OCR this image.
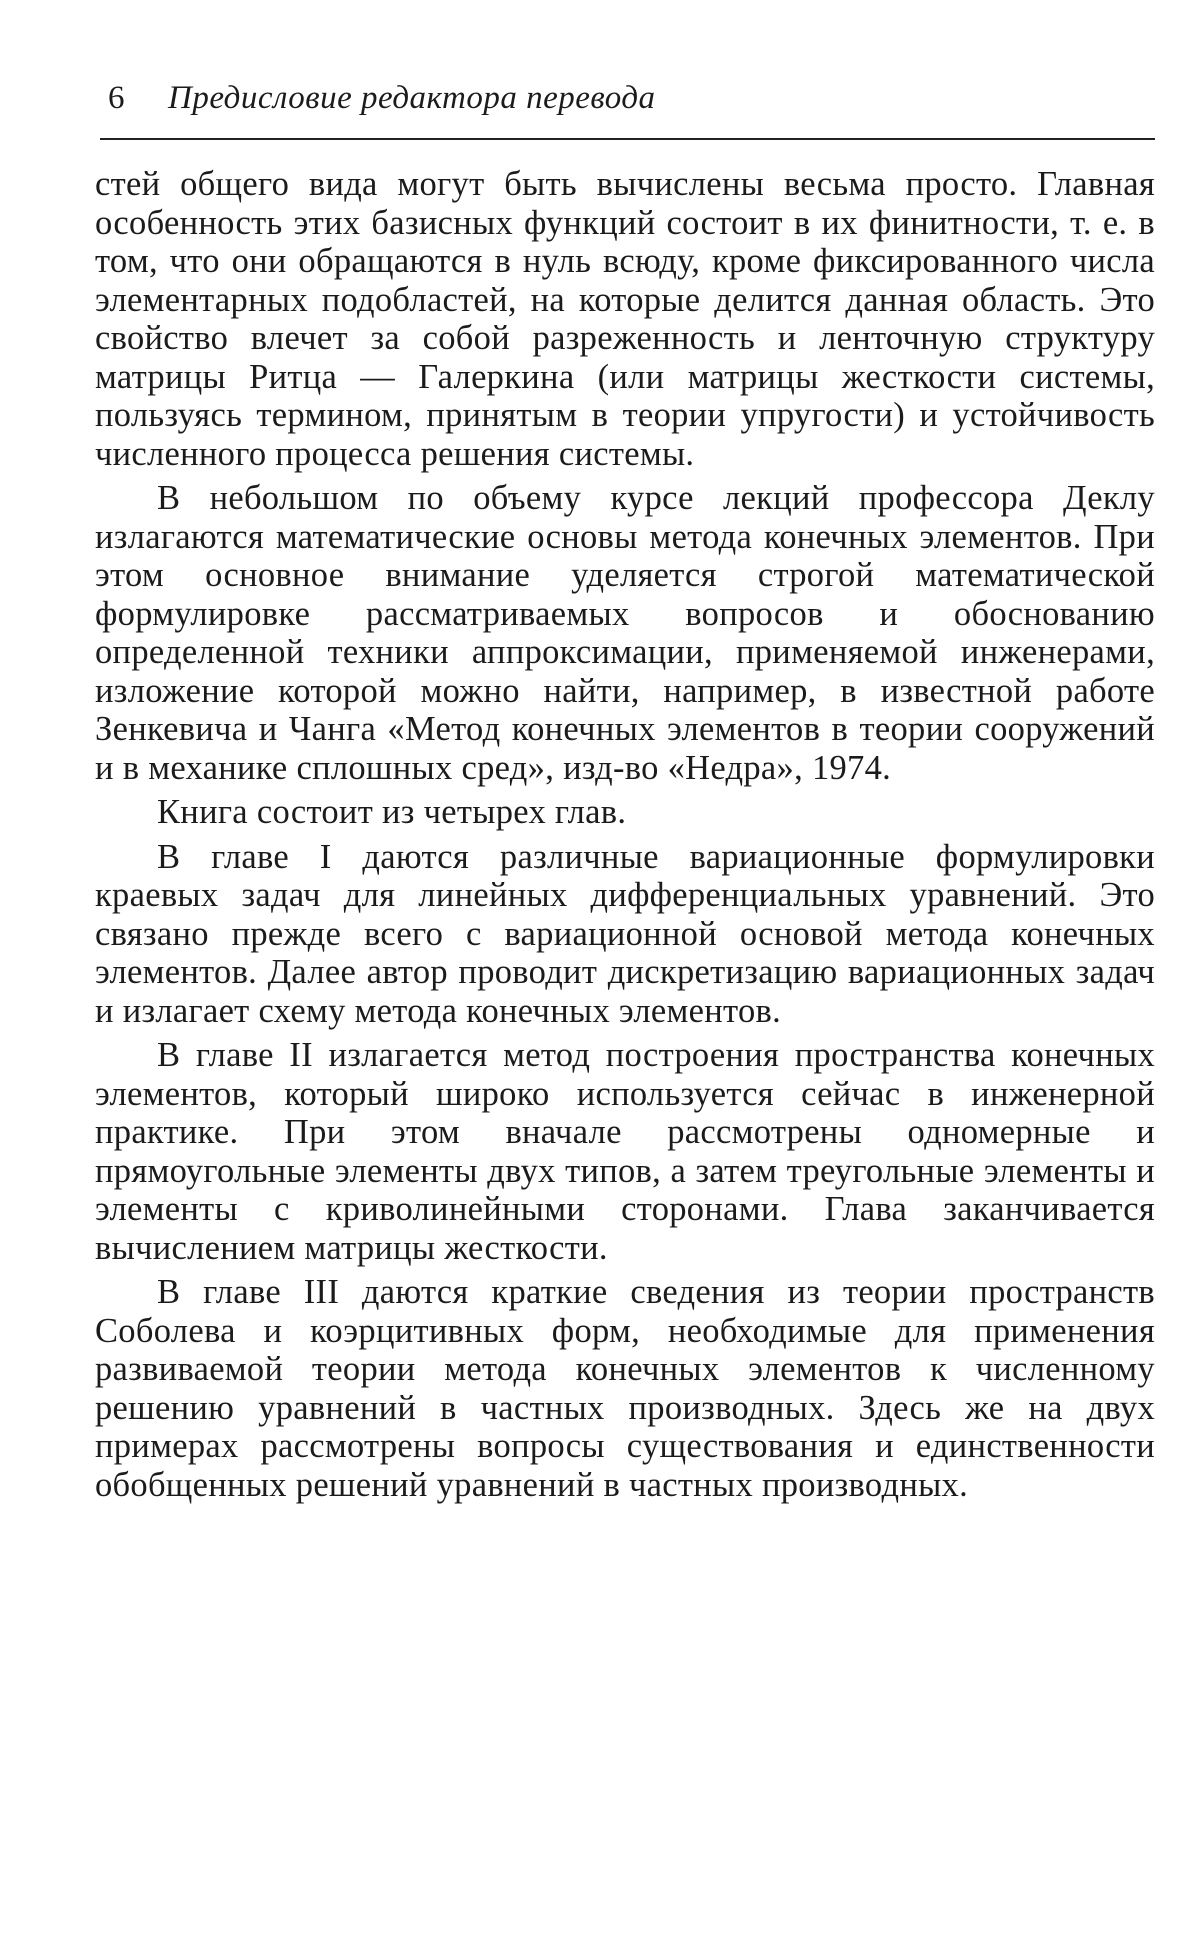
6 Предисловие редактора перевода

стей общего вида могут быть вычислены весьма просто. Главная особенность этих базисных функций состоит в их финитности, т. е. в том, что они обращаются в нуль всюду, кроме фиксированного числа элементарных подобластей, на которые делится данная область. Это свойство влечет за собой разреженность и ленточную структуру матрицы Ритца — Галеркина (или матрицы жесткости системы, пользуясь термином, принятым в теории упругости) и устойчивость численного процесса решения системы.

В небольшом по объему курсе лекций профессора Деклу излагаются математические основы метода конечных элементов. При этом основное внимание уделяется строгой математической формулировке рассматриваемых вопросов и обоснованию определенной техники аппроксимации, применяемой инженерами, изложение которой можно найти, например, в известной работе Зенкевича и Чанга «Метод конечных элементов в теории сооружений и в механике сплошных сред», изд-во «Недра», 1974.

Книга состоит из четырех глав.

В главе I даются различные вариационные формулировки краевых задач для линейных дифференциальных уравнений. Это связано прежде всего с вариационной основой метода конечных элементов. Далее автор проводит дискретизацию вариационных задач и излагает схему метода конечных элементов.

В главе II излагается метод построения пространства конечных элементов, который широко используется сейчас в инженерной практике. При этом вначале рассмотрены одномерные и прямоугольные элементы двух типов, а затем треугольные элементы и элементы с криволинейными сторонами. Глава заканчивается вычислением матрицы жесткости.

В главе III даются краткие сведения из теории пространств Соболева и коэрцитивных форм, необходимые для применения развиваемой теории метода конечных элементов к численному решению уравнений в частных производных. Здесь же на двух примерах рассмотрены вопросы существования и единственности обобщенных решений уравнений в частных производных.
